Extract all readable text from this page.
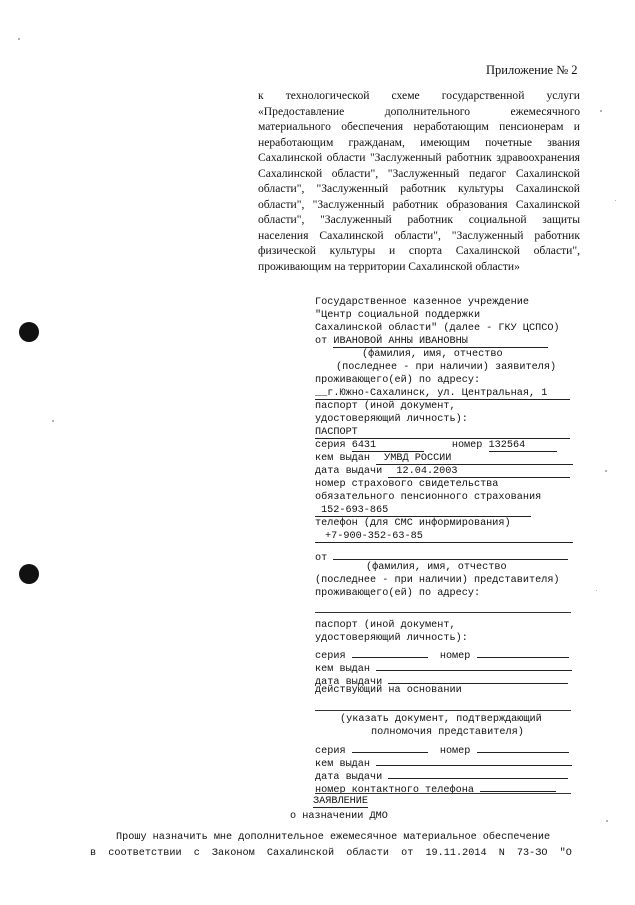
Приложение № 2

к технологической схеме государственной услуги «Предоставление дополнительного ежемесячного материального обеспечения неработающим пенсионерам и неработающим гражданам, имеющим почетные звания Сахалинской области "Заслуженный работник здравоохранения Сахалинской области", "Заслуженный педагог Сахалинской области", "Заслуженный работник культуры Сахалинской области", "Заслуженный работник образования Сахалинской области", "Заслуженный работник социальной защиты населения Сахалинской области", "Заслуженный работник физической культуры и спорта Сахалинской области", проживающим на территории Сахалинской области»

Государственное казенное учреждение
"Центр социальной поддержки
Сахалинской области" (далее - ГКУ ЦСПСО)
от ИВАНОВОЙ АННЫ ИВАНОВНЫ
(фамилия, имя, отчество
(последнее - при наличии) заявителя)
проживающего(ей) по адресу:
__г.Южно-Сахалинск, ул. Центральная, 1
паспорт (иной документ,
удостоверяющий личность):
ПАСПОРТ
серия 6431	номер 132564
кем выдан УМВД РОССИИ
дата выдачи 12.04.2003
номер страхового свидетельства
обязательного пенсионного страхования
152-693-865
телефон (для СМС информирования)
+7-900-352-63-85
от
(фамилия, имя, отчество
(последнее - при наличии) представителя)
проживающего(ей) по адресу:
паспорт (иной документ,
удостоверяющий личность):
серия	номер
кем выдан
дата выдачи
действующий на основании
(указать документ, подтверждающий
полномочия представителя)
серия	номер
кем выдан
дата выдачи
номер контактного телефона
ЗАЯВЛЕНИЕ
о назначении ДМО
Прошу назначить мне дополнительное ежемесячное материальное обеспечение
в соответствии с Законом Сахалинской области от 19.11.2014 N 73-ЗО "О
